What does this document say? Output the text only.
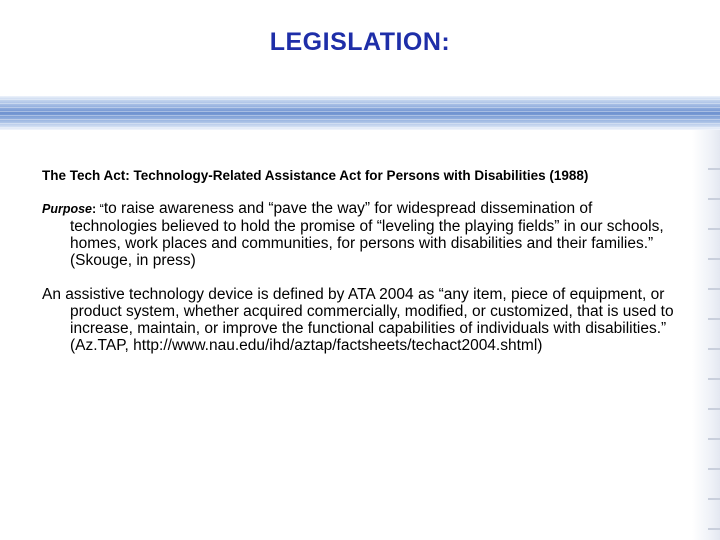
LEGISLATION:
The Tech Act: Technology-Related Assistance Act for Persons with Disabilities (1988)
Purpose: “to raise awareness and “pave the way” for widespread dissemination of technologies believed to hold the promise of “leveling the playing fields” in our schools, homes, work places and communities, for persons with disabilities and their families.” (Skouge, in press)
An assistive technology device is defined by ATA 2004 as “any item, piece of equipment, or product system, whether acquired commercially, modified, or customized, that is used to increase, maintain, or improve the functional capabilities of individuals with disabilities.” (Az.TAP, http://www.nau.edu/ihd/aztap/factsheets/techact2004.shtml)
